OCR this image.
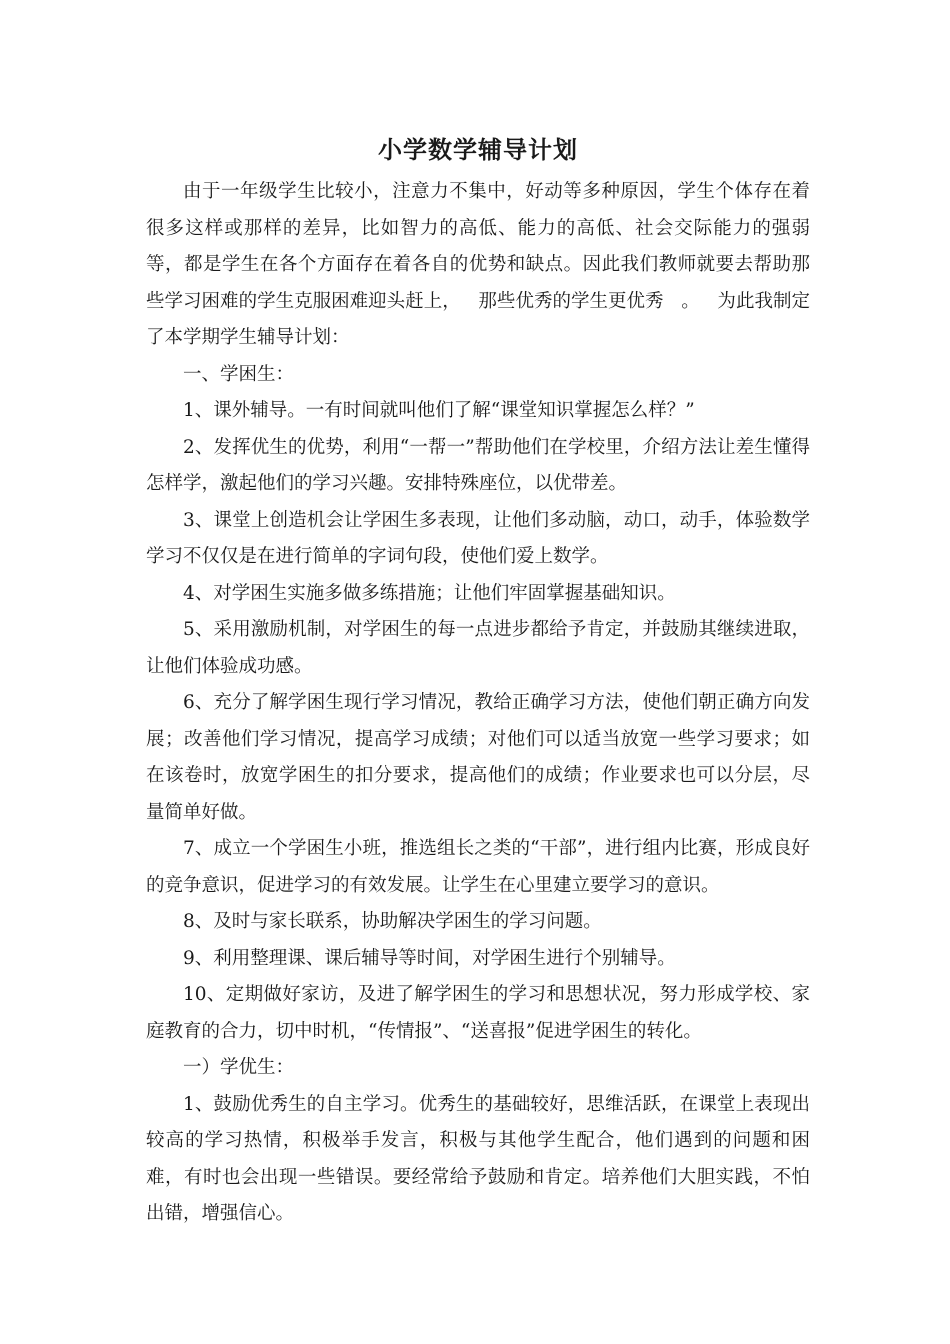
小学数学辅导计划

由于一年级学生比较小，注意力不集中，好动等多种原因，学生个体存在着很多这样或那样的差异，比如智力的高低、能力的高低、社会交际能力的强弱等，都是学生在各个方面存在着各自的优势和缺点。因此我们教师就要去帮助那些学习困难的学生克服困难迎头赶上，   那些优秀的学生更优秀   。   为此我制定了本学期学生辅导计划：

一、学困生：

1、课外辅导。一有时间就叫他们了解“课堂知识掌握怎么样？”

2、发挥优生的优势，利用“一帮一”帮助他们在学校里，介绍方法让差生懂得怎样学，激起他们的学习兴趣。安排特殊座位，以优带差。

3、课堂上创造机会让学困生多表现，让他们多动脑，动口，动手，体验数学学习不仅仅是在进行简单的字词句段，使他们爱上数学。

4、对学困生实施多做多练措施；让他们牢固掌握基础知识。

5、采用激励机制，对学困生的每一点进步都给予肯定，并鼓励其继续进取，让他们体验成功感。

6、充分了解学困生现行学习情况，教给正确学习方法，使他们朝正确方向发展；改善他们学习情况，提高学习成绩；对他们可以适当放宽一些学习要求；如在该卷时，放宽学困生的扣分要求，提高他们的成绩；作业要求也可以分层，尽量简单好做。

7、成立一个学困生小班，推选组长之类的“干部”，进行组内比赛，形成良好的竞争意识，促进学习的有效发展。让学生在心里建立要学习的意识。

8、及时与家长联系，协助解决学困生的学习问题。

9、利用整理课、课后辅导等时间，对学困生进行个别辅导。

10、定期做好家访，及进了解学困生的学习和思想状况，努力形成学校、家庭教育的合力，切中时机，“传情报”、“送喜报”促进学困生的转化。

一）学优生：

1、鼓励优秀生的自主学习。优秀生的基础较好，思维活跃，在课堂上表现出较高的学习热情，积极举手发言，积极与其他学生配合，他们遇到的问题和困难，有时也会出现一些错误。要经常给予鼓励和肯定。培养他们大胆实践，不怕出错，增强信心。
